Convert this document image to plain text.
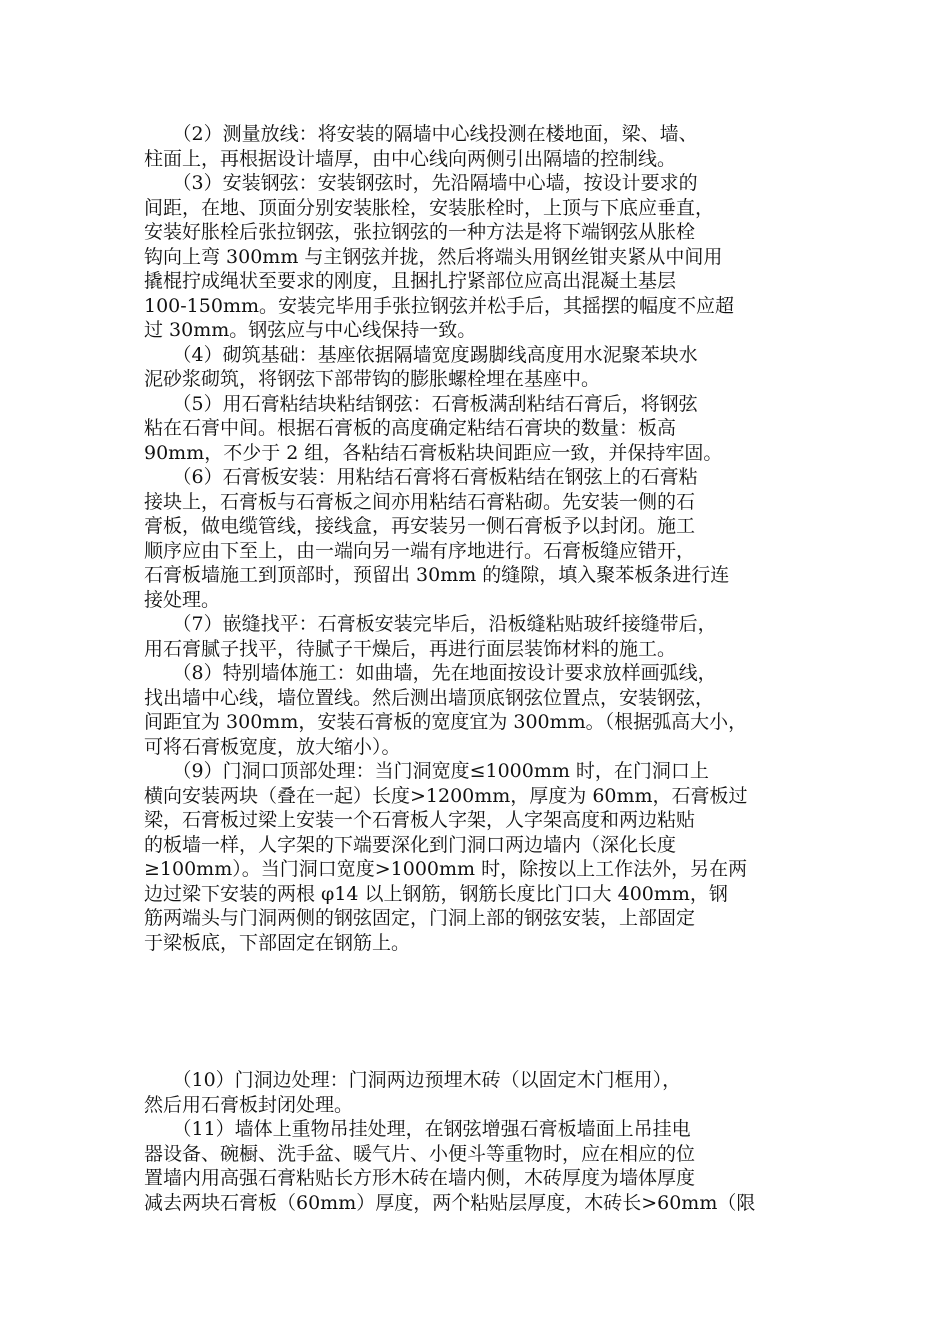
　　（2）测量放线：将安装的隔墙中心线投测在楼地面，梁、墙、
柱面上，再根据设计墙厚，由中心线向两侧引出隔墙的控制线。
　　（3）安装钢弦：安装钢弦时，先沿隔墙中心墙，按设计要求的
间距，在地、顶面分别安装胀栓，安装胀栓时，上顶与下底应垂直，
安装好胀栓后张拉钢弦，张拉钢弦的一种方法是将下端钢弦从胀栓
钩向上弯 300mm 与主钢弦并拢，然后将端头用钢丝钳夹紧从中间用
撬棍拧成绳状至要求的刚度，且捆扎拧紧部位应高出混凝土基层
100-150mm。安装完毕用手张拉钢弦并松手后，其摇摆的幅度不应超
过 30mm。钢弦应与中心线保持一致。
　　（4）砌筑基础：基座依据隔墙宽度踢脚线高度用水泥聚苯块水
泥砂浆砌筑，将钢弦下部带钩的膨胀螺栓埋在基座中。
　　（5）用石膏粘结块粘结钢弦：石膏板满刮粘结石膏后，将钢弦
粘在石膏中间。根据石膏板的高度确定粘结石膏块的数量：板高
90mm，不少于 2 组，各粘结石膏板粘块间距应一致，并保持牢固。
　　（6）石膏板安装：用粘结石膏将石膏板粘结在钢弦上的石膏粘
接块上，石膏板与石膏板之间亦用粘结石膏粘砌。先安装一侧的石
膏板，做电缆管线，接线盒，再安装另一侧石膏板予以封闭。施工
顺序应由下至上，由一端向另一端有序地进行。石膏板缝应错开，
石膏板墙施工到顶部时，预留出 30mm 的缝隙，填入聚苯板条进行连
接处理。
　　（7）嵌缝找平：石膏板安装完毕后，沿板缝粘贴玻纤接缝带后，
用石膏腻子找平，待腻子干燥后，再进行面层装饰材料的施工。
　　（8）特别墙体施工：如曲墙，先在地面按设计要求放样画弧线，
找出墙中心线，墙位置线。然后测出墙顶底钢弦位置点，安装钢弦，
间距宜为 300mm，安装石膏板的宽度宜为 300mm。（根据弧高大小，
可将石膏板宽度，放大缩小）。
　　（9）门洞口顶部处理：当门洞宽度≤1000mm 时，在门洞口上
横向安装两块（叠在一起）长度>1200mm，厚度为 60mm，石膏板过
梁，石膏板过梁上安装一个石膏板人字架，人字架高度和两边粘贴
的板墙一样，人字架的下端要深化到门洞口两边墙内（深化长度
≥100mm）。当门洞口宽度>1000mm 时，除按以上工作法外，另在两
边过梁下安装的两根 φ14 以上钢筋，钢筋长度比门口大 400mm，钢
筋两端头与门洞两侧的钢弦固定，门洞上部的钢弦安装，上部固定
于梁板底，下部固定在钢筋上。
　　（10）门洞边处理：门洞两边预埋木砖（以固定木门框用），
然后用石膏板封闭处理。
　　（11）墙体上重物吊挂处理，在钢弦增强石膏板墙面上吊挂电
器设备、碗橱、洗手盆、暖气片、小便斗等重物时，应在相应的位
置墙内用高强石膏粘贴长方形木砖在墙内侧，木砖厚度为墙体厚度
减去两块石膏板（60mm）厚度，两个粘贴层厚度，木砖长>60mm（限
